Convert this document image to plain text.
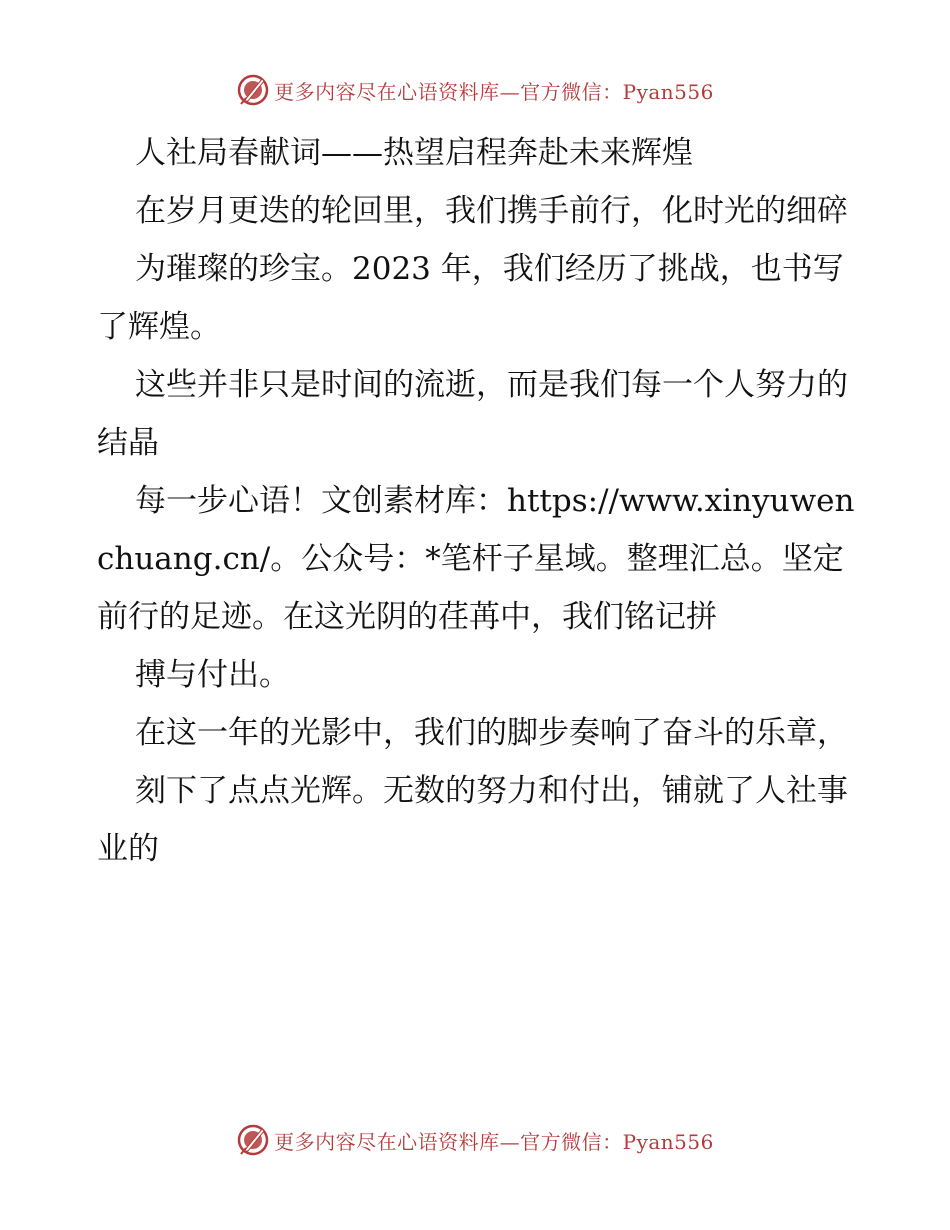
更多内容尽在心语资料库—官方微信：Pyan556

人社局春献词——热望启程奔赴未来辉煌

在岁月更迭的轮回里，我们携手前行，化时光的细碎

为璀璨的珍宝。2023 年，我们经历了挑战，也书写了辉煌。

这些并非只是时间的流逝，而是我们每一个人努力的结晶

每一步心语！文创素材库：https://www.xinyuwenchuang.cn/。公众号：*笔杆子星域。整理汇总。坚定前行的足迹。在这光阴的荏苒中，我们铭记拼

搏与付出。

在这一年的光影中，我们的脚步奏响了奋斗的乐章，

刻下了点点光辉。无数的努力和付出，铺就了人社事业的

更多内容尽在心语资料库—官方微信：Pyan556
